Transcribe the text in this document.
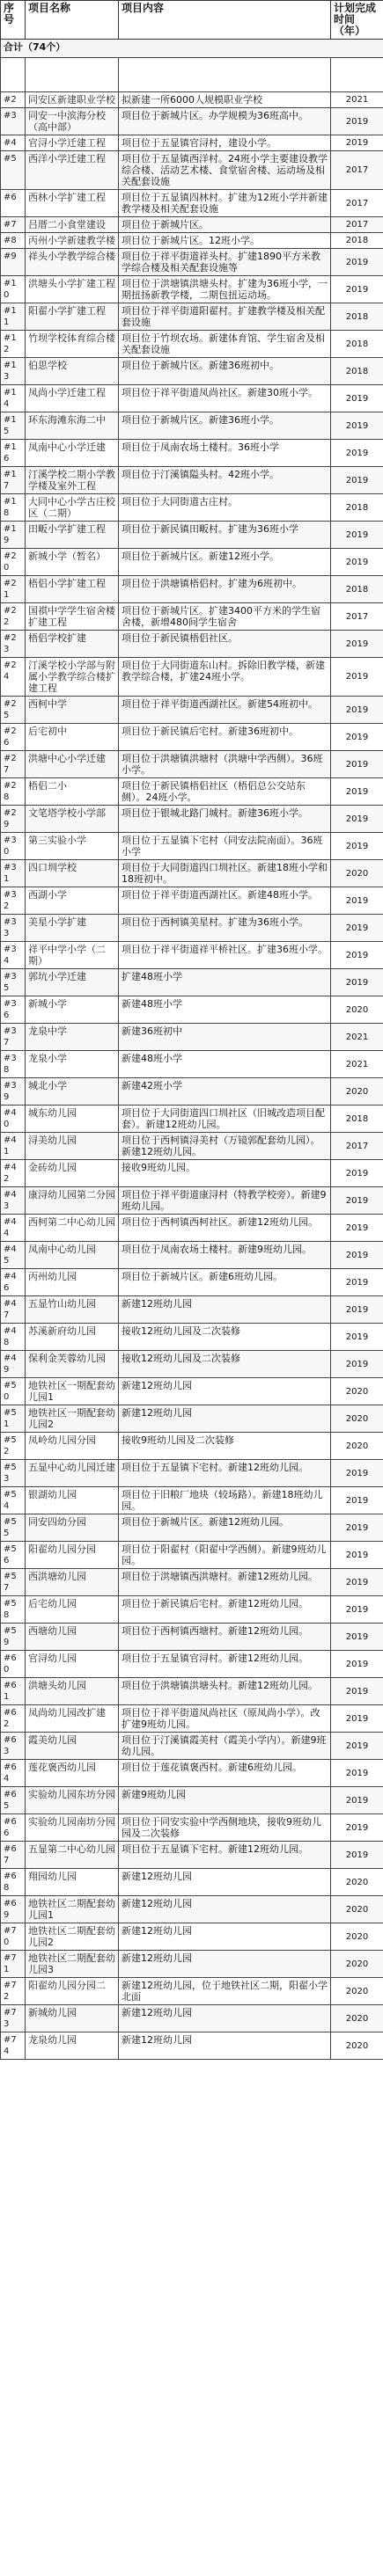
序号	项目名称	项目内容	计划完成时间（年）
合计（74个）			

#2	同安区新建职业学校	拟新建一所6000人规模职业学校	2021
#3	同安一中滨海分校（高中部）	项目位于新城片区。办学规模为36班高中。	2019
#4	官浔小学迁建工程	项目位于五显镇官浔村，建设小学。	2019
#5	西洋小学迁建工程	项目位于五显镇西洋村。24班小学主要建设教学综合楼、活动艺术楼、食堂宿舍楼、运动场及相关配套设施	2017
#6	西林小学扩建工程	项目位于五显镇四林村。扩建为12班小学并新建教学楼及相关配套设施	2017
#7	吕厝二小食堂建设	项目位于新城片区。	2017
#8	丙州小学新建教学楼	项目位于新城片区。12班小学。	2018
#9	祥头小学教学综合楼	项目位于祥平街道祥头村。扩建1890平方米教学综合楼及相关配套设施等	2019
#10	洪塘头小学扩建工程	项目位于洪塘镇洪塘头村。扩建为36班小学，一期扭扬新教学楼，二期包扭运动场。	2019
#11	阳翟小学扩建工程	项目位于祥平街道阳翟村。扩建教学楼及相关配套设施	2018
#12	竹坝学校体育综合楼	项目位于竹坝农场。新建体育馆、学生宿舍及相关配套设施	2018
#13	伯思学校	项目位于新城片区。新建36班初中。	2018
#14	凤尚小学迁建工程	项目位于祥平街道凤尚社区。新建30班小学。	2019
#15	环东海滩东海二中	项目位于新城片区。新建36班小学。	2019
#16	凤南中心小学迁建	项目位于凤南农场土楼村。36班小学	2019
#17	汀溪学校二期小学教学楼及室外工程	项目位于汀溪镇隘头村。42班小学。	2019
#18	大同中心小学古庄校区（二期）	项目位于大同街道古庄村。	2018
#19	田畈小学扩建工程	项目位于新民镇田畈村。扩建为36班小学	2019
#20	新城小学（暂名）	项目位于新城片区。新建12班小学。	2019
#21	梧侣小学扩建工程	项目位于洪塘镇梧侣村。扩建为6班初中。	2018
#22	国祺中学学生宿舍楼扩建工程	项目位于新城片区。扩建3400平方米的学生宿舍楼，新增480间学生宿舍	2017
#23	梧侣学校扩建	项目位于新民镇梧侣社区。	2019
#24	汀溪学校小学部与附属小学教学综合楼扩建工程	项目位于大同街道东山村。拆除旧教学楼，新建教学综合楼，扩建24班小学。	2019
#25	西柯中学	项目位于祥平街道西湖社区。新建54班初中。	2019
#26	后宅初中	项目位于新民镇后宅村。新建36班初中。	2019
#27	洪塘中心小学迁建	项目位于洪塘镇洪塘村（洪塘中学西侧）。36班小学。	2019
#28	梧侣二小	项目位于新民镇梧侣社区（梧侣总公交站东侧）。24班小学。	2019
#29	文笔塔学校小学部	项目位于银城北路门城村。新建36班小学。	2019
#30	第三实验小学	项目位于五显镇下宅村（同安法院南面）。36班小学	2019
#31	四口圳学校	项目位于大同街道四口圳社区。新建18班小学和18班初中。	2020
#32	西湖小学	项目位于祥平街道西湖社区。新建48班小学。	2019
#33	美星小学扩建	项目位于西柯镇美星村。扩建为36班小学。	2019
#34	祥平中学小学（二期）	项目位于祥平街道祥平桥社区。扩建36班小学。	2019
#35	郭坑小学迁建	扩建48班小学	2019
#36	新城小学	新建48班小学	2020
#37	龙泉中学	新建36班初中	2021
#38	龙泉小学	新建48班小学	2021
#39	城北小学	新建42班小学	2020
#40	城东幼儿园	项目位于大同街道四口圳社区（旧城改造项目配套）。新建12班幼儿园。	2018
#41	浔美幼儿园	项目位于西柯镇浔美村（万镜郭配套幼儿园）。新建12班幼儿园。	2017
#42	金砖幼儿园	接收9班幼儿园。	2019
#43	康浔幼儿园第二分园	项目位于祥平街道康浔村（特教学校旁）。新建9班幼儿园。	2019
#44	西柯第二中心幼儿园	项目位于西柯镇西柯社区。新建12班幼儿园。	2019
#45	凤南中心幼儿园	项目位于凤南农场土楼村。新建9班幼儿园。	2019
#46	丙州幼儿园	项目位于新城片区。新建6班幼儿园。	2019
#47	五显竹山幼儿园	新建12班幼儿园	2019
#48	苏溪新府幼儿园	接收12班幼儿园及二次装修	2019
#49	保利金芙蓉幼儿园	接收12班幼儿园及二次装修	2019
#50	地铁社区一期配套幼儿园1	新建12班幼儿园	2020
#51	地铁社区一期配套幼儿园2	新建12班幼儿园	2020
#52	凤岭幼儿园分园	接收9班幼儿园及二次装修	2020
#53	五显中心幼儿园迁建	项目位于五显镇下宅村。新建12班幼儿园。	2019
#54	银湖幼儿园	项目位于旧粮厂地块（较场路）。新建18班幼儿园。	2019
#55	同安四幼分园	项目位于新城片区。新建12班幼儿园。	2019
#56	阳翟幼儿园分园	项目位于阳翟村（阳翟中学西侧）。新建9班幼儿园。	2019
#57	西洪塘幼儿园	项目位于洪塘镇西洪塘村。新建12班幼儿园。	2019
#58	后宅幼儿园	项目位于新民镇后宅村。新建12班幼儿园。	2019
#59	西塘幼儿园	项目位于西柯镇西塘村。新建12班幼儿园。	2019
#60	官浔幼儿园	项目位于五显镇官浔村。新建12班幼儿园。	2019
#61	洪塘头幼儿园	项目位于洪塘镇洪塘头村。新建12班幼儿园。	2019
#62	凤尚幼儿园改扩建	项目位于祥平街道凤尚社区（原凤尚小学）。改扩建9班幼儿园。	2019
#63	霞美幼儿园	项目位于汀溪镇霞美村（霞美小学内）。新建9班幼儿园。	2019
#64	莲花褒西幼儿园	项目位于莲花镇褒西村。新建6班幼儿园。	2019
#65	实验幼儿园东坊分园	新建9班幼儿园	2019
#66	实验幼儿园南坊分园	项目位于同安实验中学西侧地块，接收9班幼儿园及二次装修	2019
#67	五显第二中心幼儿园	项目位于五显镇下宅村。新建12班幼儿园。	2019
#68	翔园幼儿园	新建12班幼儿园	2020
#69	地铁社区二期配套幼儿园1	新建12班幼儿园	2020
#70	地铁社区二期配套幼儿园2	新建12班幼儿园	2020
#71	地铁社区二期配套幼儿园3	新建12班幼儿园	2020
#72	阳翟幼儿园分园二	新建12班幼儿园，位于地铁社区二期，阳翟小学北面	2020
#73	新城幼儿园	新建12班幼儿园	2020
#74	龙泉幼儿园	新建12班幼儿园	2020
